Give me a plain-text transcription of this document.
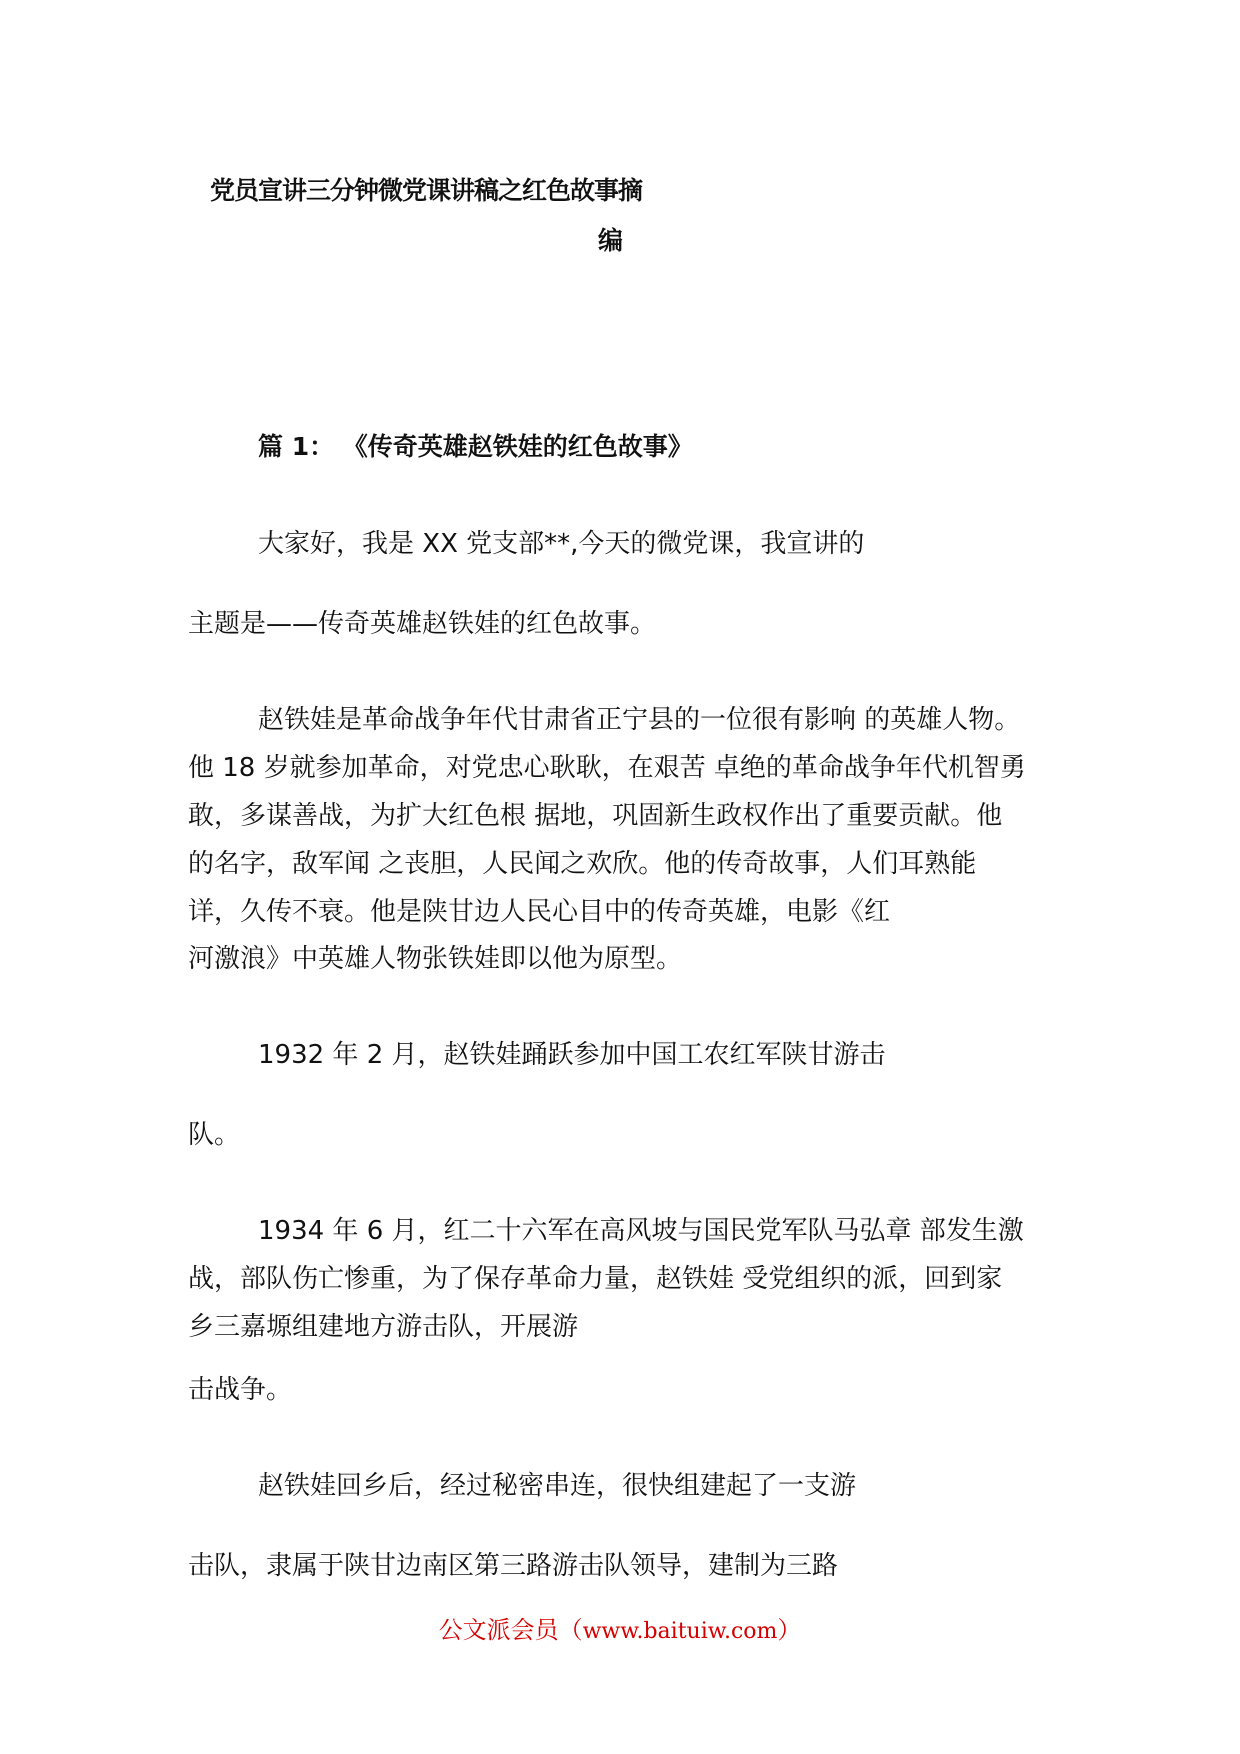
党员宣讲三分钟微党课讲稿之红色故事摘
编
篇 1： 《传奇英雄赵铁娃的红色故事》
大家好，我是 XX 党支部**,今天的微党课，我宣讲的
主题是——传奇英雄赵铁娃的红色故事。
赵铁娃是革命战争年代甘肃省正宁县的一位很有影响 的英雄人物。
他 18 岁就参加革命，对党忠心耿耿，在艰苦 卓绝的革命战争年代机智勇
敢，多谋善战，为扩大红色根 据地，巩固新生政权作出了重要贡献。他
的名字，敌军闻 之丧胆，人民闻之欢欣。他的传奇故事，人们耳熟能
详，久传不衰。他是陕甘边人民心目中的传奇英雄，电影《红
河激浪》中英雄人物张铁娃即以他为原型。
1932 年 2 月，赵铁娃踊跃参加中国工农红军陕甘游击
队。
1934 年 6 月，红二十六军在高风坡与国民党军队马弘章 部发生激
战，部队伤亡惨重，为了保存革命力量，赵铁娃 受党组织的派，回到家
乡三嘉塬组建地方游击队，开展游
击战争。
赵铁娃回乡后，经过秘密串连，很快组建起了一支游
击队，隶属于陕甘边南区第三路游击队领导，建制为三路
公文派会员（www.baituiw.com）
